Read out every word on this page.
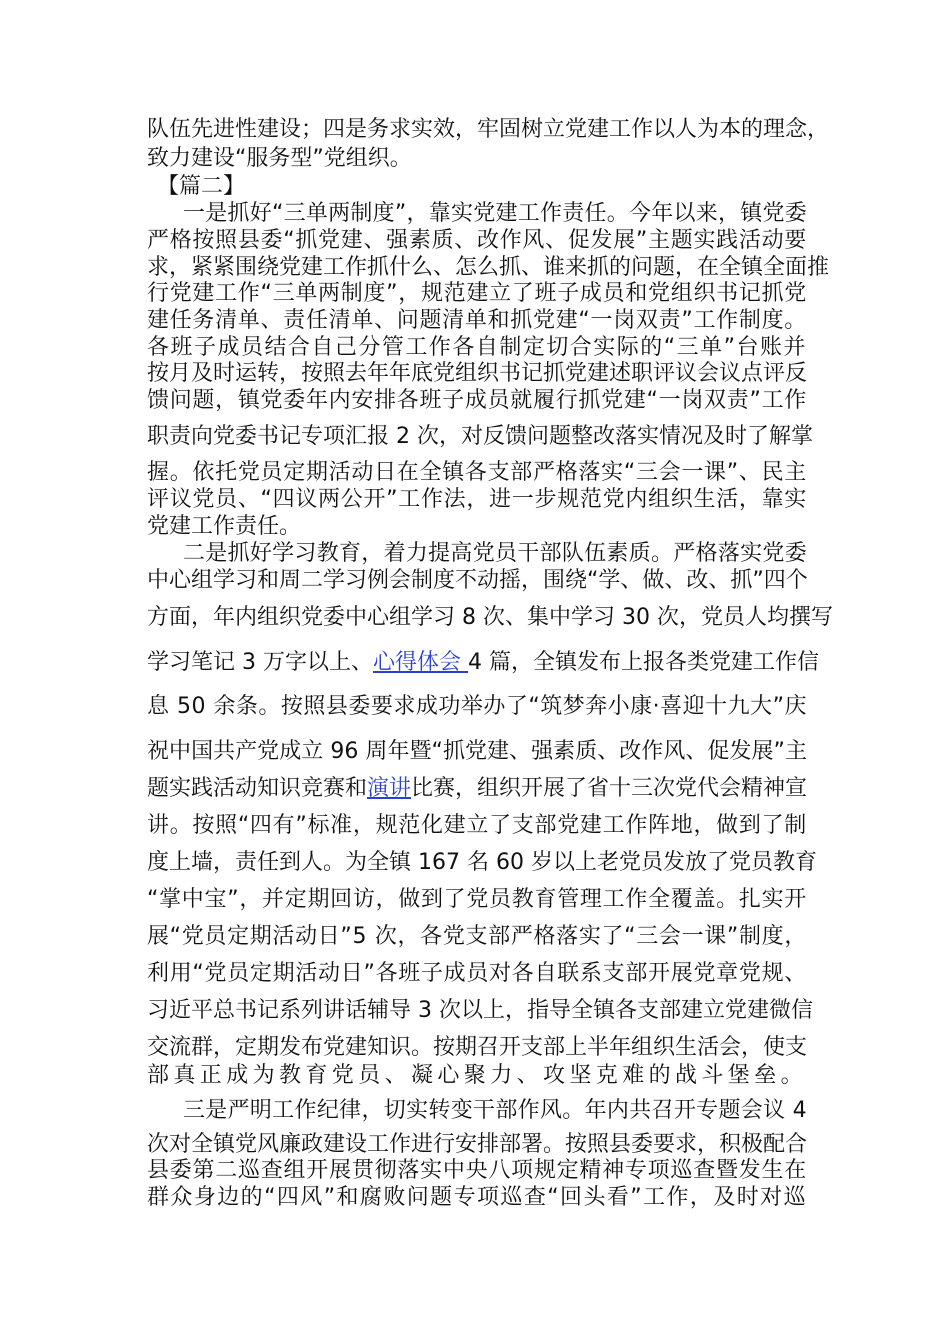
队伍先进性建设；四是务求实效，牢固树立党建工作以人为本的理念，
致力建设“服务型”党组织。
【篇二】
一是抓好“三单两制度”，靠实党建工作责任。今年以来，镇党委
严格按照县委“抓党建、强素质、改作风、促发展”主题实践活动要
求，紧紧围绕党建工作抓什么、怎么抓、谁来抓的问题，在全镇全面推
行党建工作“三单两制度”，规范建立了班子成员和党组织书记抓党
建任务清单、责任清单、问题清单和抓党建“一岗双责”工作制度。
各班子成员结合自己分管工作各自制定切合实际的“三单”台账并
按月及时运转，按照去年年底党组织书记抓党建述职评议会议点评反
馈问题，镇党委年内安排各班子成员就履行抓党建“一岗双责”工作
职责向党委书记专项汇报 2 次，对反馈问题整改落实情况及时了解掌
握。依托党员定期活动日在全镇各支部严格落实“三会一课”、民主
评议党员、“四议两公开”工作法，进一步规范党内组织生活，靠实
党建工作责任。
二是抓好学习教育，着力提高党员干部队伍素质。严格落实党委
中心组学习和周二学习例会制度不动摇，围绕“学、做、改、抓”四个
方面，年内组织党委中心组学习 8 次、集中学习 30 次，党员人均撰写
学习笔记 3 万字以上、心得体会 4 篇，全镇发布上报各类党建工作信
息 50 余条。按照县委要求成功举办了“筑梦奔小康·喜迎十九大”庆
祝中国共产党成立 96 周年暨“抓党建、强素质、改作风、促发展”主
题实践活动知识竞赛和演讲比赛，组织开展了省十三次党代会精神宣
讲。按照“四有”标准，规范化建立了支部党建工作阵地，做到了制
度上墙，责任到人。为全镇 167 名 60 岁以上老党员发放了党员教育
“掌中宝”，并定期回访，做到了党员教育管理工作全覆盖。扎实开
展“党员定期活动日”5 次，各党支部严格落实了“三会一课”制度，
利用“党员定期活动日”各班子成员对各自联系支部开展党章党规、
习近平总书记系列讲话辅导 3 次以上，指导全镇各支部建立党建微信
交流群，定期发布党建知识。按期召开支部上半年组织生活会，使支
部真正成为教育党员、凝心聚力、攻坚克难的战斗堡垒。
三是严明工作纪律，切实转变干部作风。年内共召开专题会议 4
次对全镇党风廉政建设工作进行安排部署。按照县委要求，积极配合
县委第二巡查组开展贯彻落实中央八项规定精神专项巡查暨发生在
群众身边的“四风”和腐败问题专项巡查“回头看”工作，及时对巡
